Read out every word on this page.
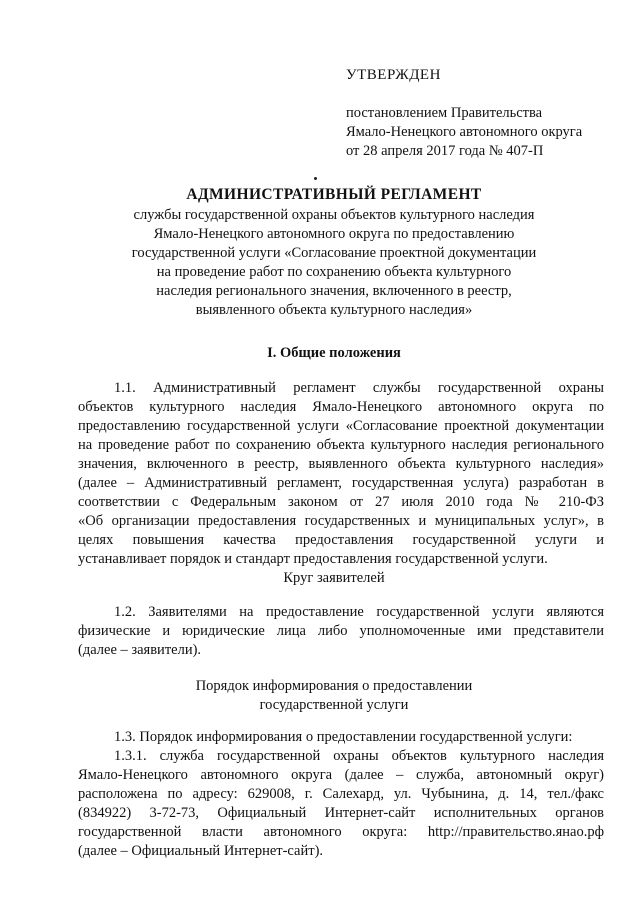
УТВЕРЖДЕН
постановлением Правительства
Ямало-Ненецкого автономного округа
от 28 апреля 2017 года № 407-П
АДМИНИСТРАТИВНЫЙ РЕГЛАМЕНТ
службы государственной охраны объектов культурного наследия
Ямало-Ненецкого автономного округа по предоставлению
государственной услуги «Согласование проектной документации
на проведение работ по сохранению объекта культурного
наследия регионального значения, включенного в реестр,
выявленного объекта культурного наследия»
I. Общие положения
1.1. Административный регламент службы государственной охраны
объектов культурного наследия Ямало-Ненецкого автономного округа по
предоставлению государственной услуги «Согласование проектной документации
на проведение работ по сохранению объекта культурного наследия регионального
значения, включенного в реестр, выявленного объекта культурного наследия»
(далее – Административный регламент, государственная услуга) разработан в
соответствии с Федеральным законом от 27 июля 2010 года № 210-ФЗ
«Об организации предоставления государственных и муниципальных услуг», в
целях повышения качества предоставления государственной услуги и
устанавливает порядок и стандарт предоставления государственной услуги.
Круг заявителей
1.2. Заявителями на предоставление государственной услуги являются
физические и юридические лица либо уполномоченные ими представители
(далее – заявители).
Порядок информирования о предоставлении
государственной услуги
1.3. Порядок информирования о предоставлении государственной услуги:
1.3.1. служба государственной охраны объектов культурного наследия
Ямало-Ненецкого автономного округа (далее – служба, автономный округ)
расположена по адресу: 629008, г. Салехард, ул. Чубынина, д. 14, тел./факс
(834922) 3-72-73, Официальный Интернет-сайт исполнительных органов
государственной власти автономного округа: http://правительство.янао.рф
(далее – Официальный Интернет-сайт).
